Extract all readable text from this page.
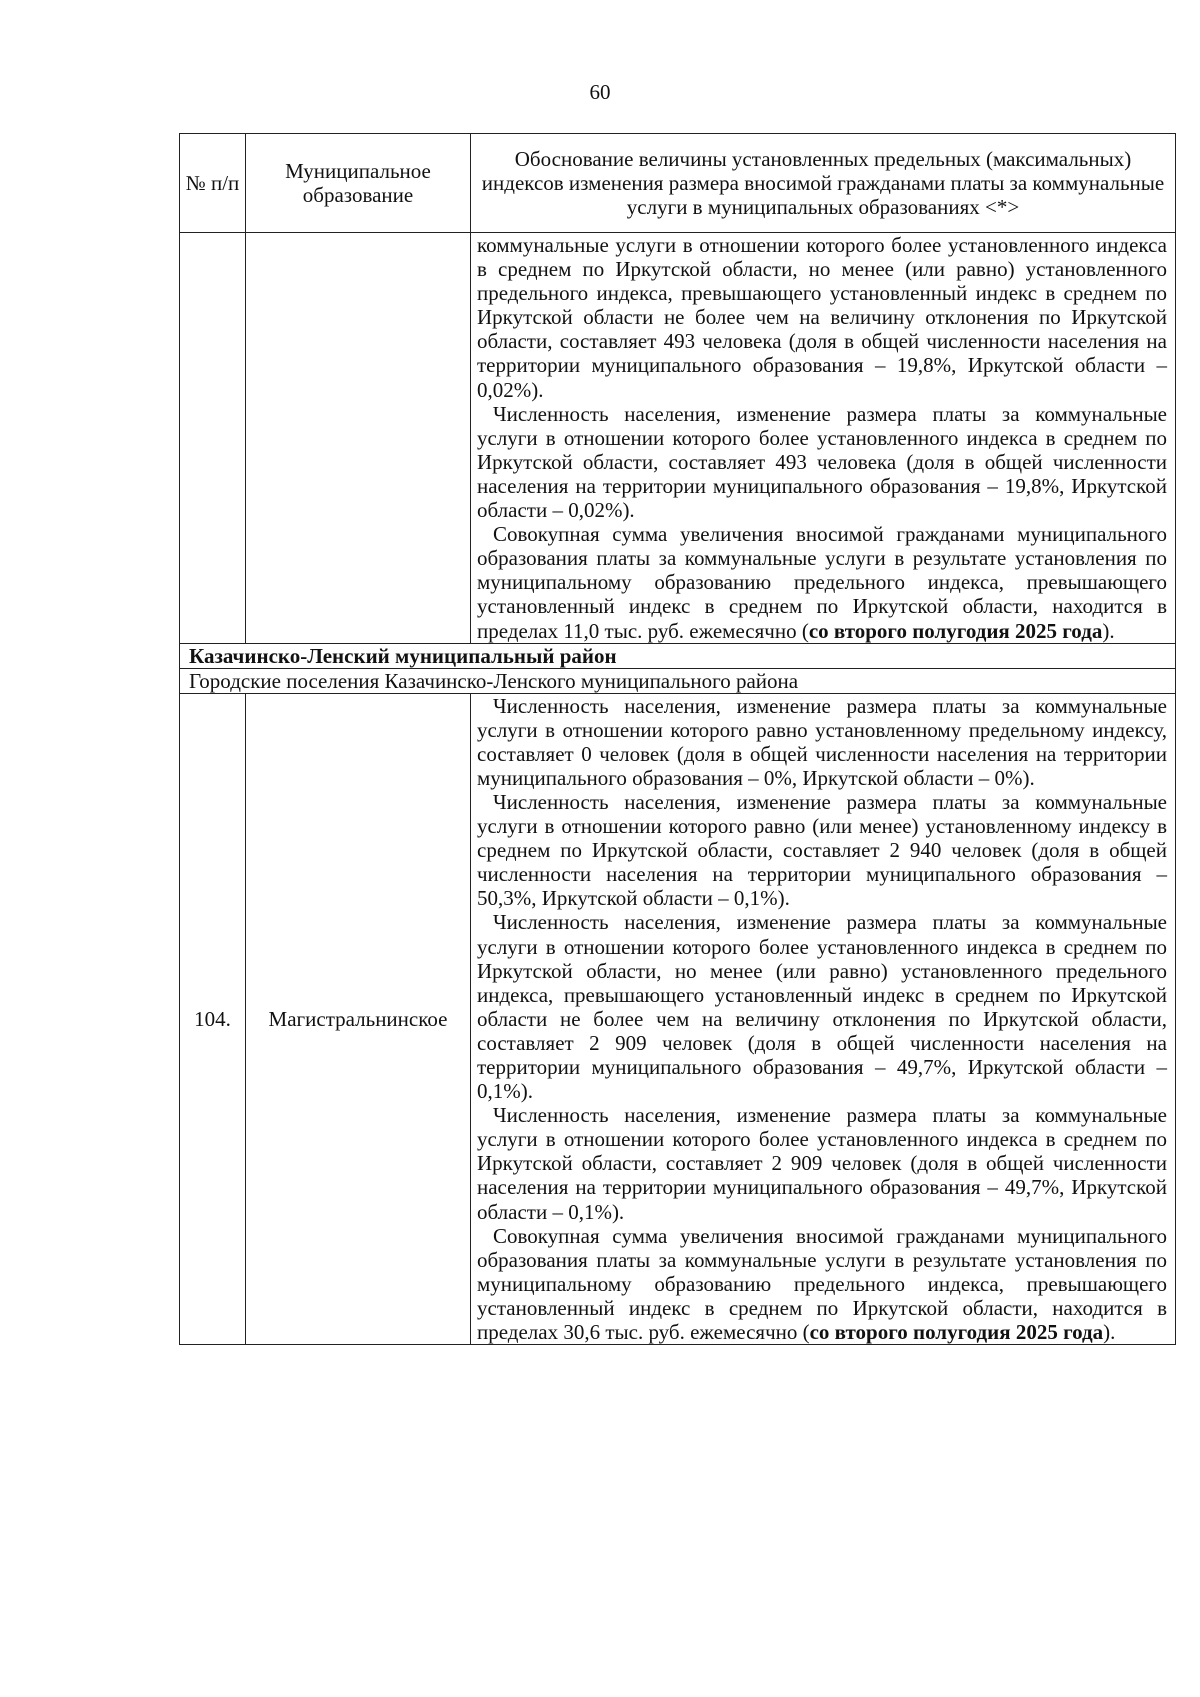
60
№ п/п	Муниципальное образование	Обоснование величины установленных предельных (максимальных) индексов изменения размера вносимой гражданами платы за коммунальные услуги в муниципальных образованиях <*>

		коммунальные услуги в отношении которого более установленного индекса в среднем по Иркутской области, но менее (или равно) установленного предельного индекса, превышающего установленный индекс в среднем по Иркутской области не более чем на величину отклонения по Иркутской области, составляет 493 человека (доля в общей численности населения на территории муниципального образования – 19,8%, Иркутской области – 0,02%).

Численность населения, изменение размера платы за коммунальные услуги в отношении которого более установленного индекса в среднем по Иркутской области, составляет 493 человека (доля в общей численности населения на территории муниципального образования – 19,8%, Иркутской области – 0,02%).

Совокупная сумма увеличения вносимой гражданами муниципального образования платы за коммунальные услуги в результате установления по муниципальному образованию предельного индекса, превышающего установленный индекс в среднем по Иркутской области, находится в пределах 11,0 тыс. руб. ежемесячно (со второго полугодия 2025 года).

Казачинско-Ленский муниципальный район		
Городские поселения Казачинско-Ленского муниципального района		
104.	Магистральнинское	Численность населения, изменение размера платы за коммунальные услуги в отношении которого равно установленному предельному индексу, составляет 0 человек (доля в общей численности населения на территории муниципального образования – 0%, Иркутской области – 0%).

Численность населения, изменение размера платы за коммунальные услуги в отношении которого равно (или менее) установленному индексу в среднем по Иркутской области, составляет 2 940 человек (доля в общей численности населения на территории муниципального образования – 50,3%, Иркутской области – 0,1%).

Численность населения, изменение размера платы за коммунальные услуги в отношении которого более установленного индекса в среднем по Иркутской области, но менее (или равно) установленного предельного индекса, превышающего установленный индекс в среднем по Иркутской области не более чем на величину отклонения по Иркутской области, составляет 2 909 человек (доля в общей численности населения на территории муниципального образования – 49,7%, Иркутской области – 0,1%).

Численность населения, изменение размера платы за коммунальные услуги в отношении которого более установленного индекса в среднем по Иркутской области, составляет 2 909 человек (доля в общей численности населения на территории муниципального образования – 49,7%, Иркутской области – 0,1%).

Совокупная сумма увеличения вносимой гражданами муниципального образования платы за коммунальные услуги в результате установления по муниципальному образованию предельного индекса, превышающего установленный индекс в среднем по Иркутской области, находится в пределах 30,6 тыс. руб. ежемесячно (со второго полугодия 2025 года).
